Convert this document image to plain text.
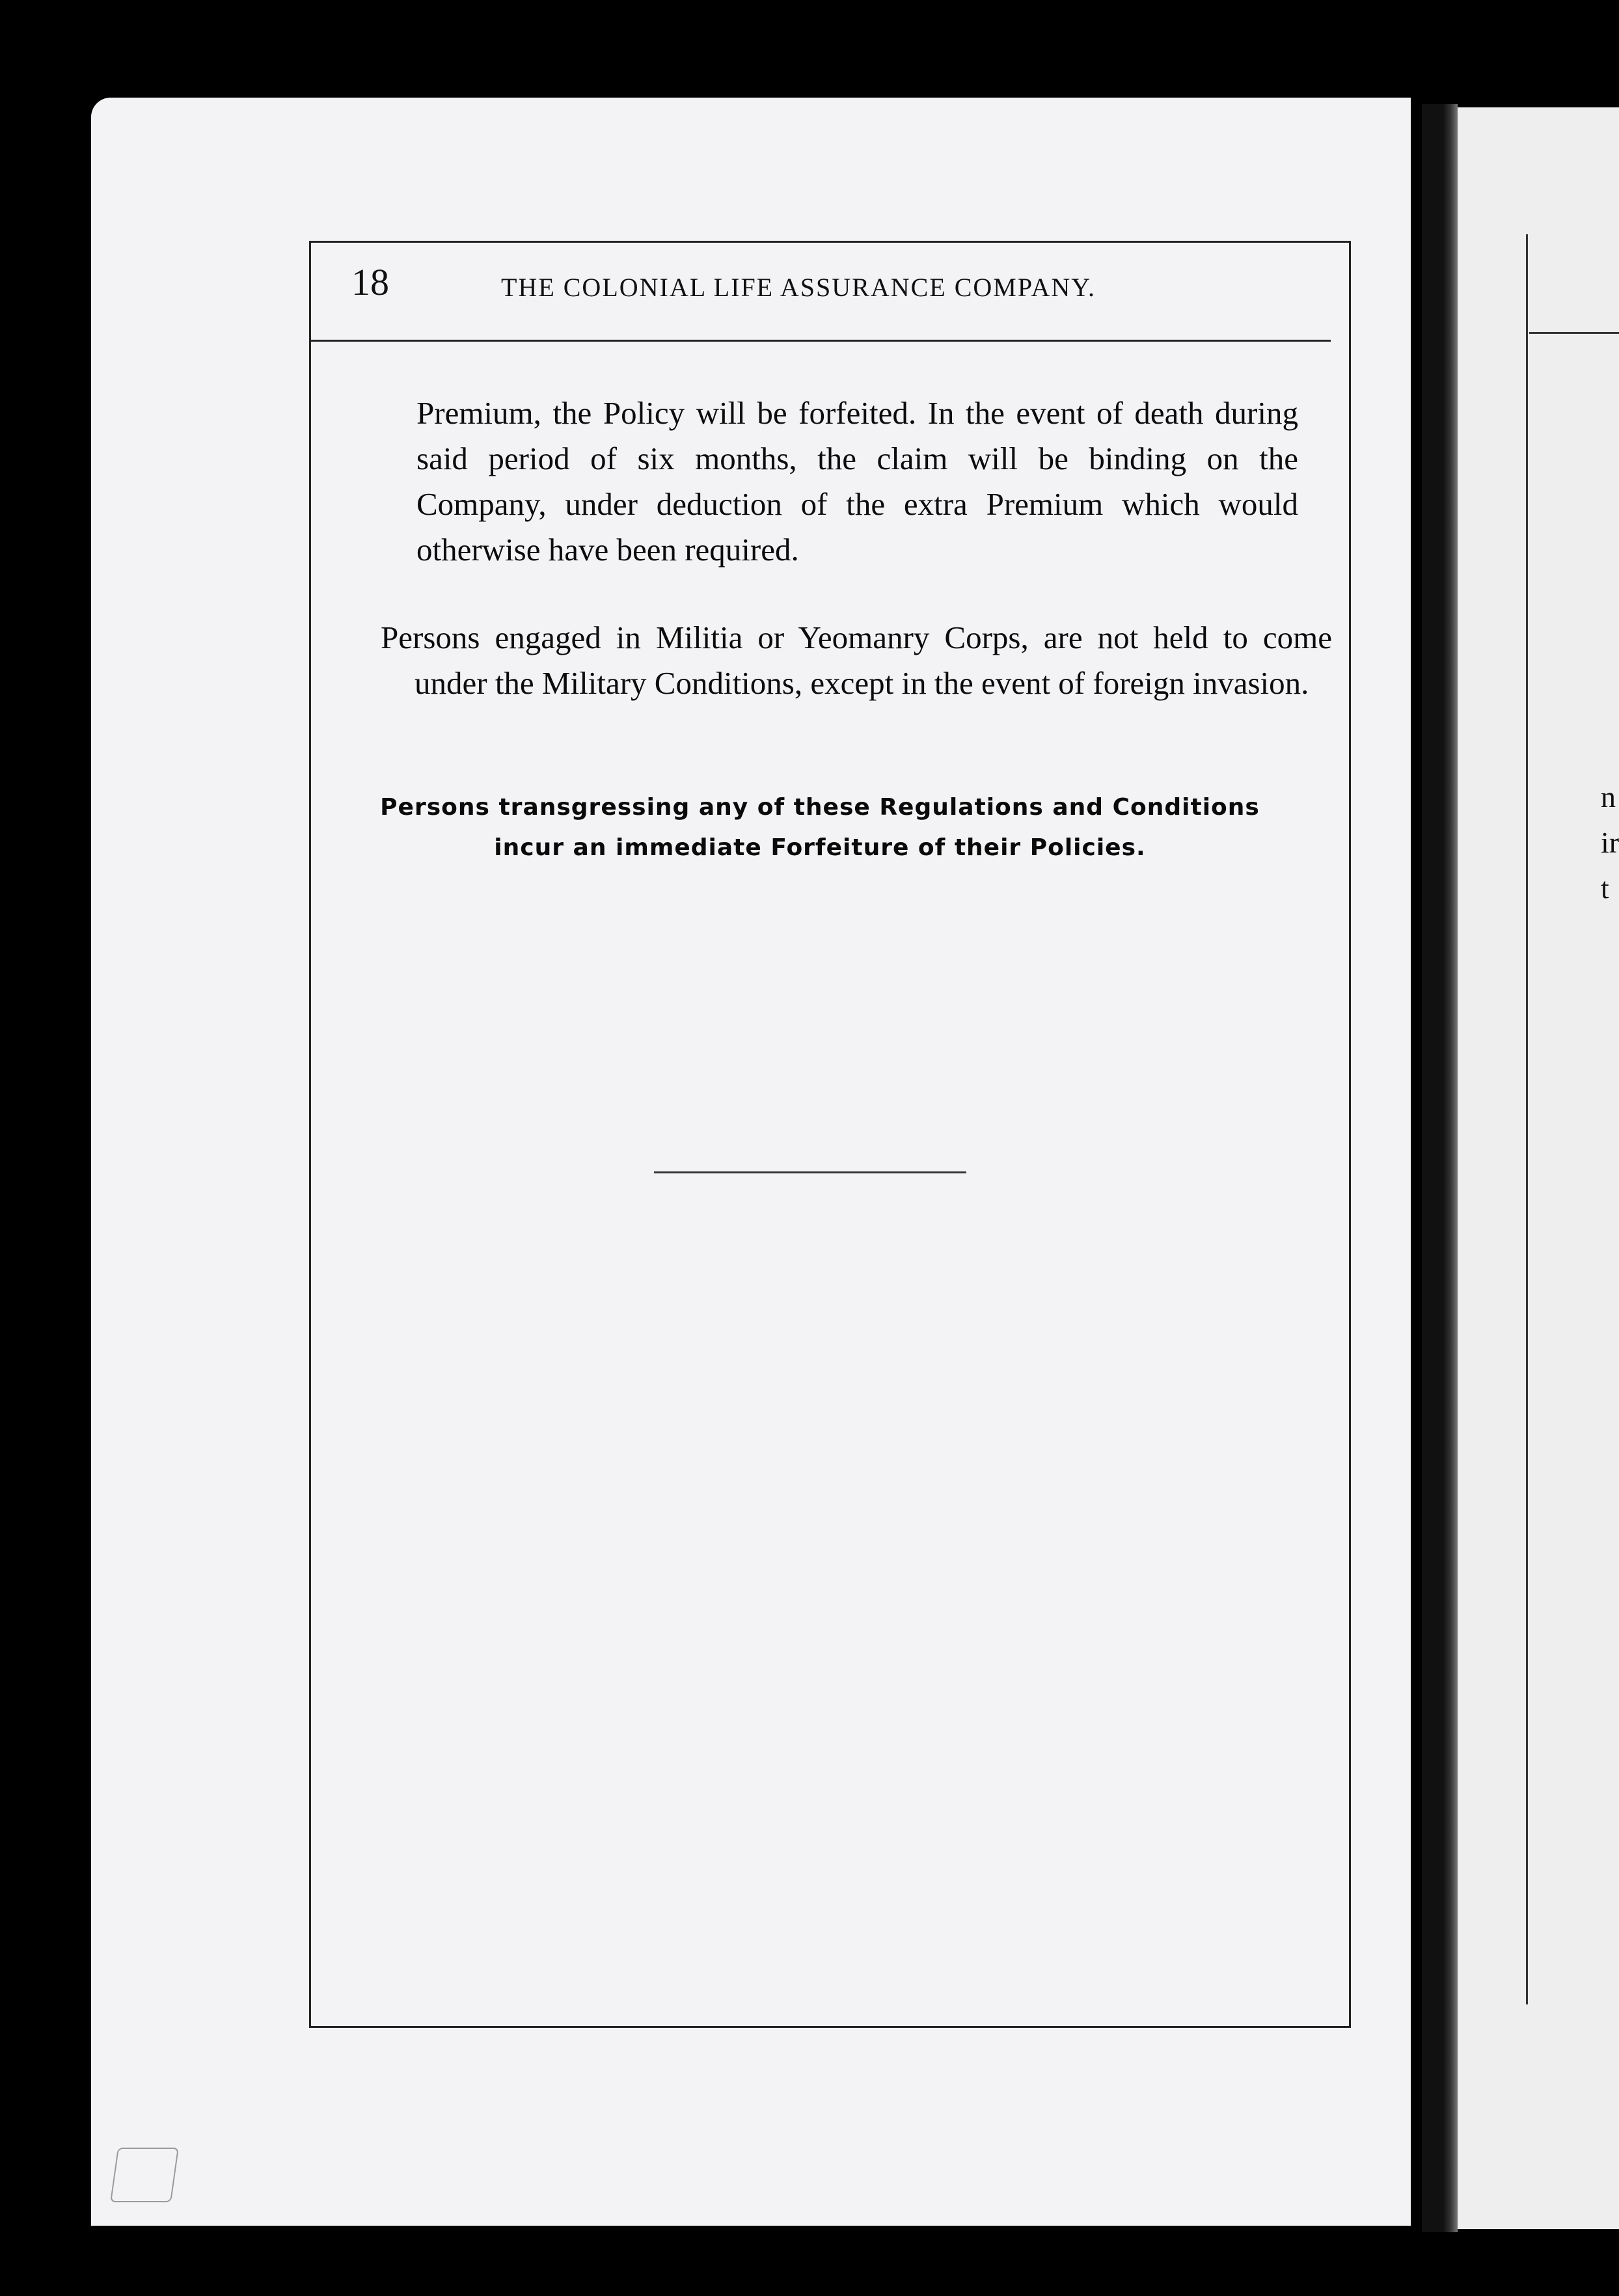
18	THE COLONIAL LIFE ASSURANCE COMPANY.
Premium, the Policy will be forfeited. In the event of death during said period of six months, the claim will be binding on the Company, under deduction of the extra Premium which would otherwise have been required.
Persons engaged in Militia or Yeomanry Corps, are not held to come under the Military Conditions, except in the event of foreign invasion.
Persons transgressing any of these Regulations and Conditions
incur an immediate Forfeiture of their Policies.
n
ir
t
